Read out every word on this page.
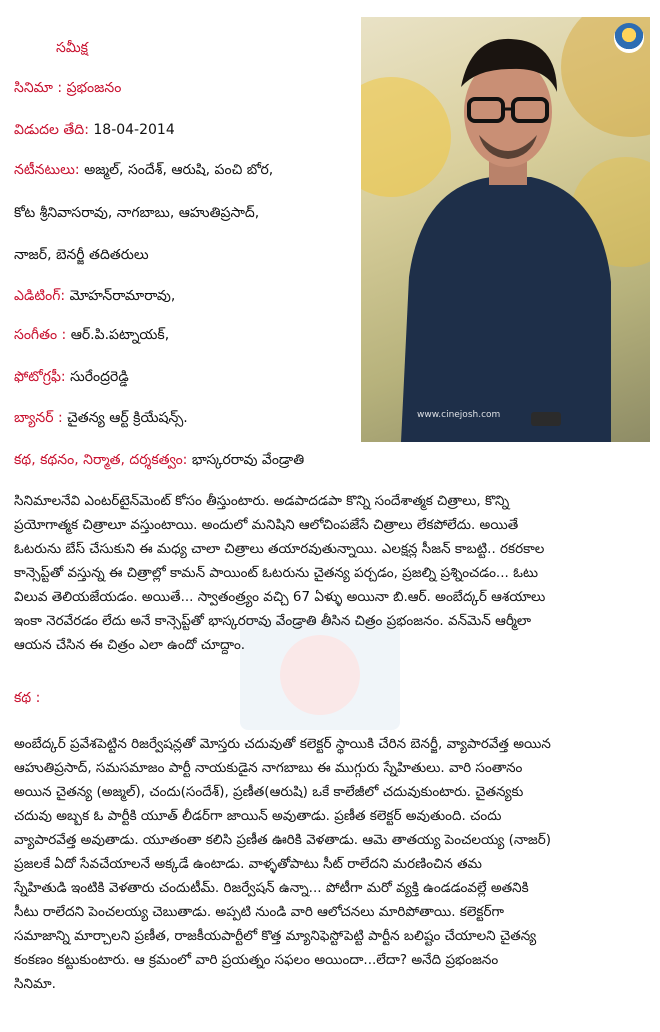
సమీక్ష
సినిమా : ప్రభంజనం
విడుదల తేది: 18-04-2014
నటీనటులు: అజ్మల్, సందేశ్, ఆరుషి, పంచి బోర,
కోట శ్రీనివాసరావు, నాగబాబు, ఆహుతిప్రసాద్,
నాజర్, బెనర్జీ తదితరులు
ఎడిటింగ్: మోహన్‌రామారావు,
సంగీతం : ఆర్.పి.పట్నాయక్,
ఫోటోగ్రఫీ: సురేంద్రరెడ్డి
బ్యానర్ : చైతన్య ఆర్ట్ క్రియేషన్స్.
కథ, కథనం, నిర్మాత, దర్శకత్వం: భాస్కరరావు వేండ్రాతి
www.cinejosh.com
సినిమాలనేవి ఎంటర్‌టైన్‌మెంట్ కోసం తీస్తుంటారు. అడపాదడపా కొన్ని సందేశాత్మక చిత్రాలు, కొన్ని
ప్రయోగాత్మక చిత్రాలూ వస్తుంటాయి. అందులో మనిషిని ఆలోచింపజేసే చిత్రాలు లేకపోలేదు. అయితే
ఓటరును బేస్ చేసుకుని ఈ మధ్య చాలా చిత్రాలు తయారవుతున్నాయి. ఎలక్షన్ల సీజన్ కాబట్టి.. రకరకాల
కాన్సెప్ట్‌తో వస్తున్న ఈ చిత్రాల్లో కామన్ పాయింట్ ఓటరును చైతన్య పర్చడం, ప్రజల్ని ప్రశ్నించడం... ఓటు
విలువ తెలియజేయడం. అయితే... స్వాతంత్ర్యం వచ్చి 67 ఏళ్ళు అయినా బి.ఆర్. అంబేద్కర్ ఆశయాలు
ఇంకా నెరవేరడం లేదు అనే కాన్సెప్ట్‌తో భాస్కరరావు వేండ్రాతి తీసిన చిత్రం ప్రభంజనం. వన్‌మెన్ ఆర్మీలా
ఆయన చేసిన ఈ చిత్రం ఎలా ఉందో చూద్దాం.
కథ :
అంబేద్కర్ ప్రవేశపెట్టిన రిజర్వేషన్లతో మోస్తరు చదువుతో కలెక్టర్ స్థాయికి చేరిన బెనర్జీ, వ్యాపారవేత్త అయిన
ఆహుతిప్రసాద్, సమసమాజం పార్టీ నాయకుడైన నాగబాబు ఈ ముగ్గురు స్నేహితులు. వారి సంతానం
అయిన చైతన్య (అజ్మల్), చందు(సందేశ్), ప్రణీత(ఆరుషి) ఒకే కాలేజీలో చదువుకుంటారు. చైతన్యకు
చదువు అబ్బక ఓ పార్టీకి యూత్ లీడర్‌గా జాయిన్ అవుతాడు. ప్రణీత కలెక్టర్ అవుతుంది. చందు
వ్యాపారవేత్త అవుతాడు. యూతంతా కలిసి ప్రణీత ఊరికి వెళతాడు. ఆమె తాతయ్య పెంచలయ్య (నాజర్)
ప్రజలకే ఏదో సేవచేయాలనే అక్కడే ఉంటాడు. వాళ్ళతోపాటు సీట్ రాలేదని మరణించిన తమ
స్నేహితుడి ఇంటికి వెళతారు చందుటీమ్. రిజర్వేషన్ ఉన్నా... పోటీగా మరో వ్యక్తి ఉండడంవల్లే అతనికి
సీటు రాలేదని పెంచలయ్య చెబుతాడు. అప్పటి నుండి వారి ఆలోచనలు మారిపోతాయి. కలెక్టర్‌గా
సమాజాన్ని మార్చాలని ప్రణీత, రాజకీయపార్టీలో కొత్త మ్యానిఫెస్టోపెట్టి పార్టీన బలిష్టం చేయాలని చైతన్య
కంకణం కట్టుకుంటారు. ఆ క్రమంలో వారి ప్రయత్నం సఫలం అయిందా...లేదా? అనేది ప్రభంజనం
సినిమా.
